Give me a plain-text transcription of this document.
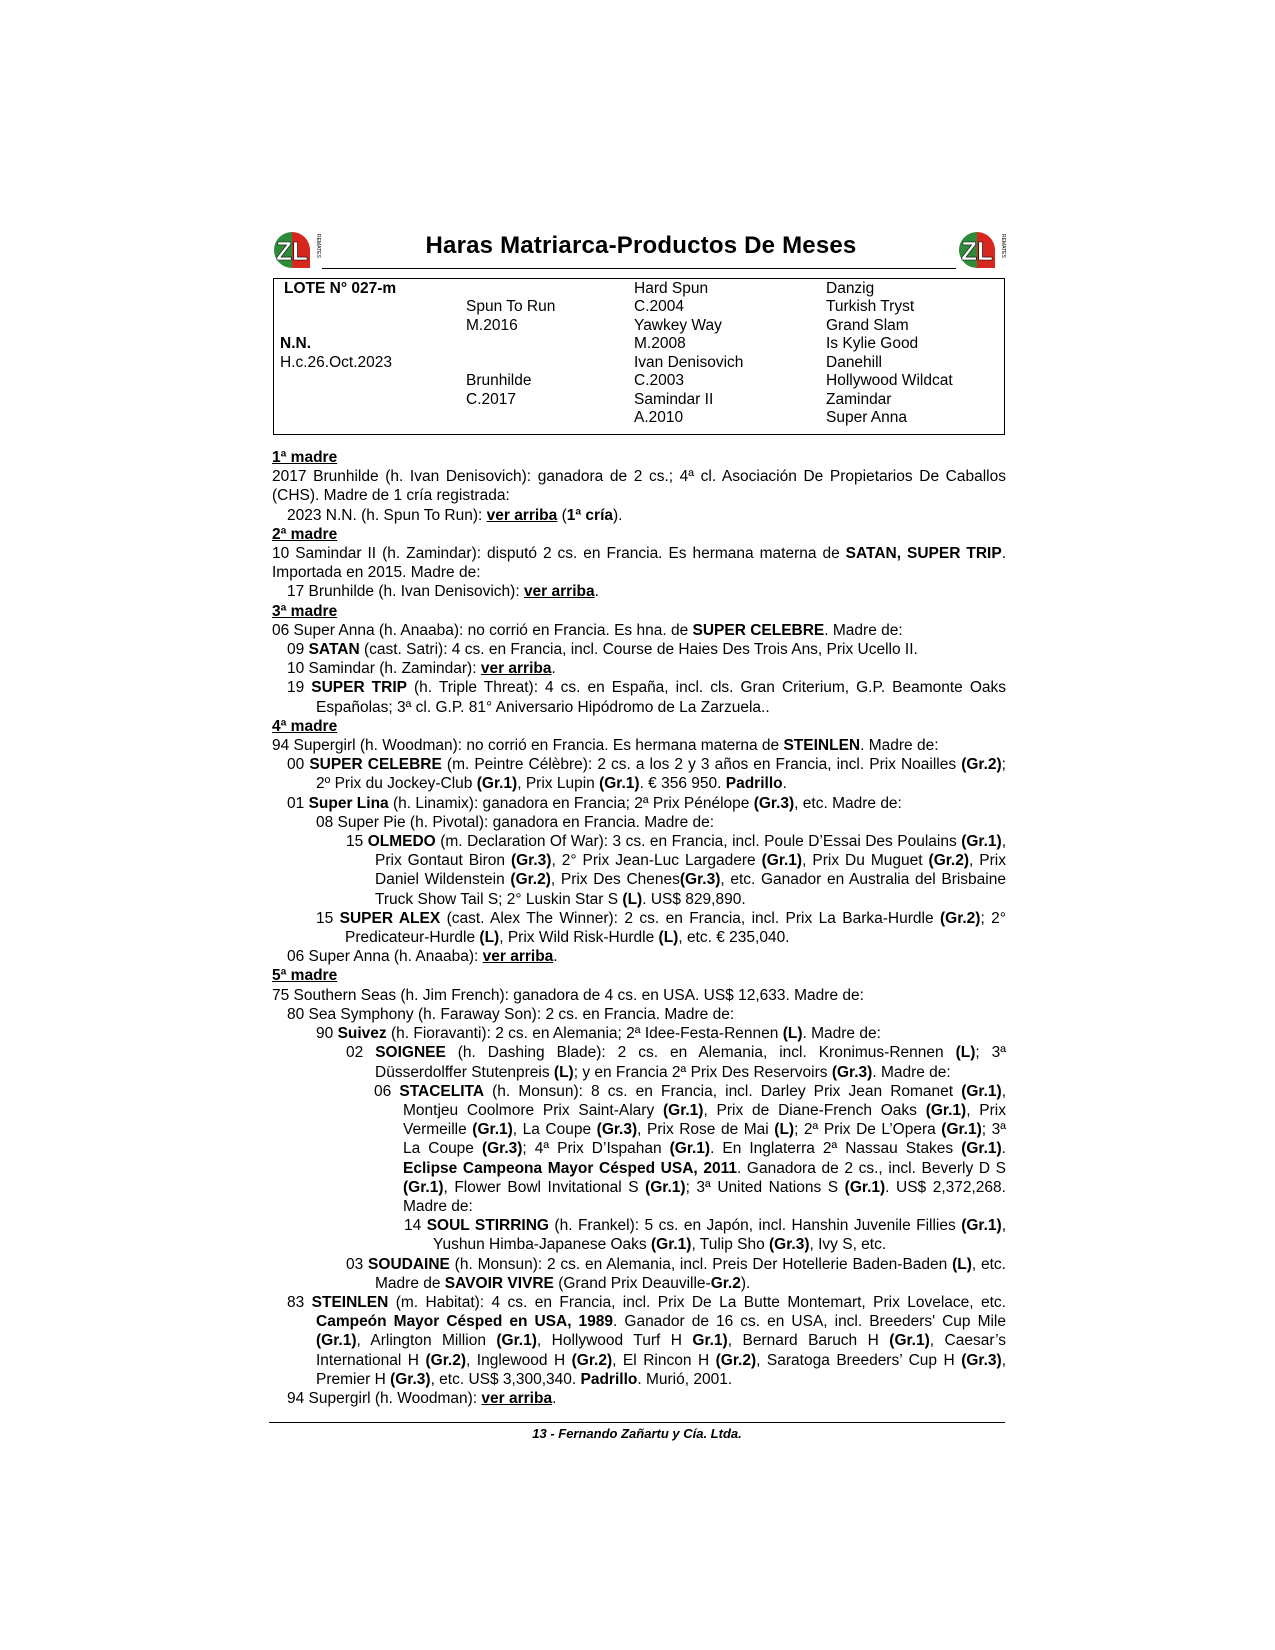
ZL REMATES	ZL REMATES
Haras Matriarca-Productos De Meses
LOTE N° 027-m
N.N.
H.c.26.Oct.2023
Spun To Run
M.2016
Brunhilde
C.2017
Hard Spun
C.2004
Yawkey Way
M.2008
Ivan Denisovich
C.2003
Samindar II
A.2010
Danzig
Turkish Tryst
Grand Slam
Is Kylie Good
Danehill
Hollywood Wildcat
Zamindar
Super Anna
1ª madre
2017 Brunhilde (h. Ivan Denisovich): ganadora de 2 cs.; 4ª cl. Asociación De Propietarios De Caballos (CHS). Madre de 1 cría registrada:
2023 N.N. (h. Spun To Run): ver arriba (1ª cría).
2ª madre
10 Samindar II (h. Zamindar): disputó 2 cs. en Francia. Es hermana materna de SATAN, SUPER TRIP. Importada en 2015. Madre de:
17 Brunhilde (h. Ivan Denisovich): ver arriba.
3ª madre
06 Super Anna (h. Anaaba): no corrió en Francia. Es hna. de SUPER CELEBRE. Madre de:
09 SATAN (cast. Satri): 4 cs. en Francia, incl. Course de Haies Des Trois Ans, Prix Ucello II.
10 Samindar (h. Zamindar): ver arriba.
19 SUPER TRIP (h. Triple Threat): 4 cs. en España, incl. cls. Gran Criterium, G.P. Beamonte Oaks Españolas; 3ª cl. G.P. 81° Aniversario Hipódromo de La Zarzuela..
4ª madre
94 Supergirl (h. Woodman): no corrió en Francia. Es hermana materna de STEINLEN. Madre de:
00 SUPER CELEBRE (m. Peintre Célèbre): 2 cs. a los 2 y 3 años en Francia, incl. Prix Noailles (Gr.2); 2º Prix du Jockey-Club (Gr.1), Prix Lupin (Gr.1). € 356 950. Padrillo.
01 Super Lina (h. Linamix): ganadora en Francia; 2ª Prix Pénélope (Gr.3), etc. Madre de:
08 Super Pie (h. Pivotal): ganadora en Francia. Madre de:
15 OLMEDO (m. Declaration Of War): 3 cs. en Francia, incl. Poule D’Essai Des Poulains (Gr.1), Prix Gontaut Biron (Gr.3), 2° Prix Jean-Luc Largadere (Gr.1), Prix Du Muguet (Gr.2), Prix Daniel Wildenstein (Gr.2), Prix Des Chenes(Gr.3), etc. Ganador en Australia del Brisbaine Truck Show Tail S; 2° Luskin Star S (L). US$ 829,890.
15 SUPER ALEX (cast. Alex The Winner): 2 cs. en Francia, incl. Prix La Barka-Hurdle (Gr.2); 2° Predicateur-Hurdle (L), Prix Wild Risk-Hurdle (L), etc. € 235,040.
06 Super Anna (h. Anaaba): ver arriba.
5ª madre
75 Southern Seas (h. Jim French): ganadora de 4 cs. en USA. US$ 12,633. Madre de:
80 Sea Symphony (h. Faraway Son): 2 cs. en Francia. Madre de:
90 Suivez (h. Fioravanti): 2 cs. en Alemania; 2ª Idee-Festa-Rennen (L). Madre de:
02 SOIGNEE (h. Dashing Blade): 2 cs. en Alemania, incl. Kronimus-Rennen (L); 3ª Düsserdolffer Stutenpreis (L); y en Francia 2ª Prix Des Reservoirs (Gr.3). Madre de:
06 STACELITA (h. Monsun): 8 cs. en Francia, incl. Darley Prix Jean Romanet (Gr.1), Montjeu Coolmore Prix Saint-Alary (Gr.1), Prix de Diane-French Oaks (Gr.1), Prix Vermeille (Gr.1), La Coupe (Gr.3), Prix Rose de Mai (L); 2ª Prix De L’Opera (Gr.1); 3ª La Coupe (Gr.3); 4ª Prix D’Ispahan (Gr.1). En Inglaterra 2ª Nassau Stakes (Gr.1). Eclipse Campeona Mayor Césped USA, 2011. Ganadora de 2 cs., incl. Beverly D S (Gr.1), Flower Bowl Invitational S (Gr.1); 3ª United Nations S (Gr.1). US$ 2,372,268. Madre de:
14 SOUL STIRRING (h. Frankel): 5 cs. en Japón, incl. Hanshin Juvenile Fillies (Gr.1), Yushun Himba-Japanese Oaks (Gr.1), Tulip Sho (Gr.3), Ivy S, etc.
03 SOUDAINE (h. Monsun): 2 cs. en Alemania, incl. Preis Der Hotellerie Baden-Baden (L), etc. Madre de SAVOIR VIVRE (Grand Prix Deauville-Gr.2).
83 STEINLEN (m. Habitat): 4 cs. en Francia, incl. Prix De La Butte Montemart, Prix Lovelace, etc. Campeón Mayor Césped en USA, 1989. Ganador de 16 cs. en USA, incl. Breeders' Cup Mile (Gr.1), Arlington Million (Gr.1), Hollywood Turf H Gr.1), Bernard Baruch H (Gr.1), Caesar’s International H (Gr.2), Inglewood H (Gr.2), El Rincon H (Gr.2), Saratoga Breeders’ Cup H (Gr.3), Premier H (Gr.3), etc. US$ 3,300,340. Padrillo. Murió, 2001.
94 Supergirl (h. Woodman): ver arriba.
13 - Fernando Zañartu y Cía. Ltda.
